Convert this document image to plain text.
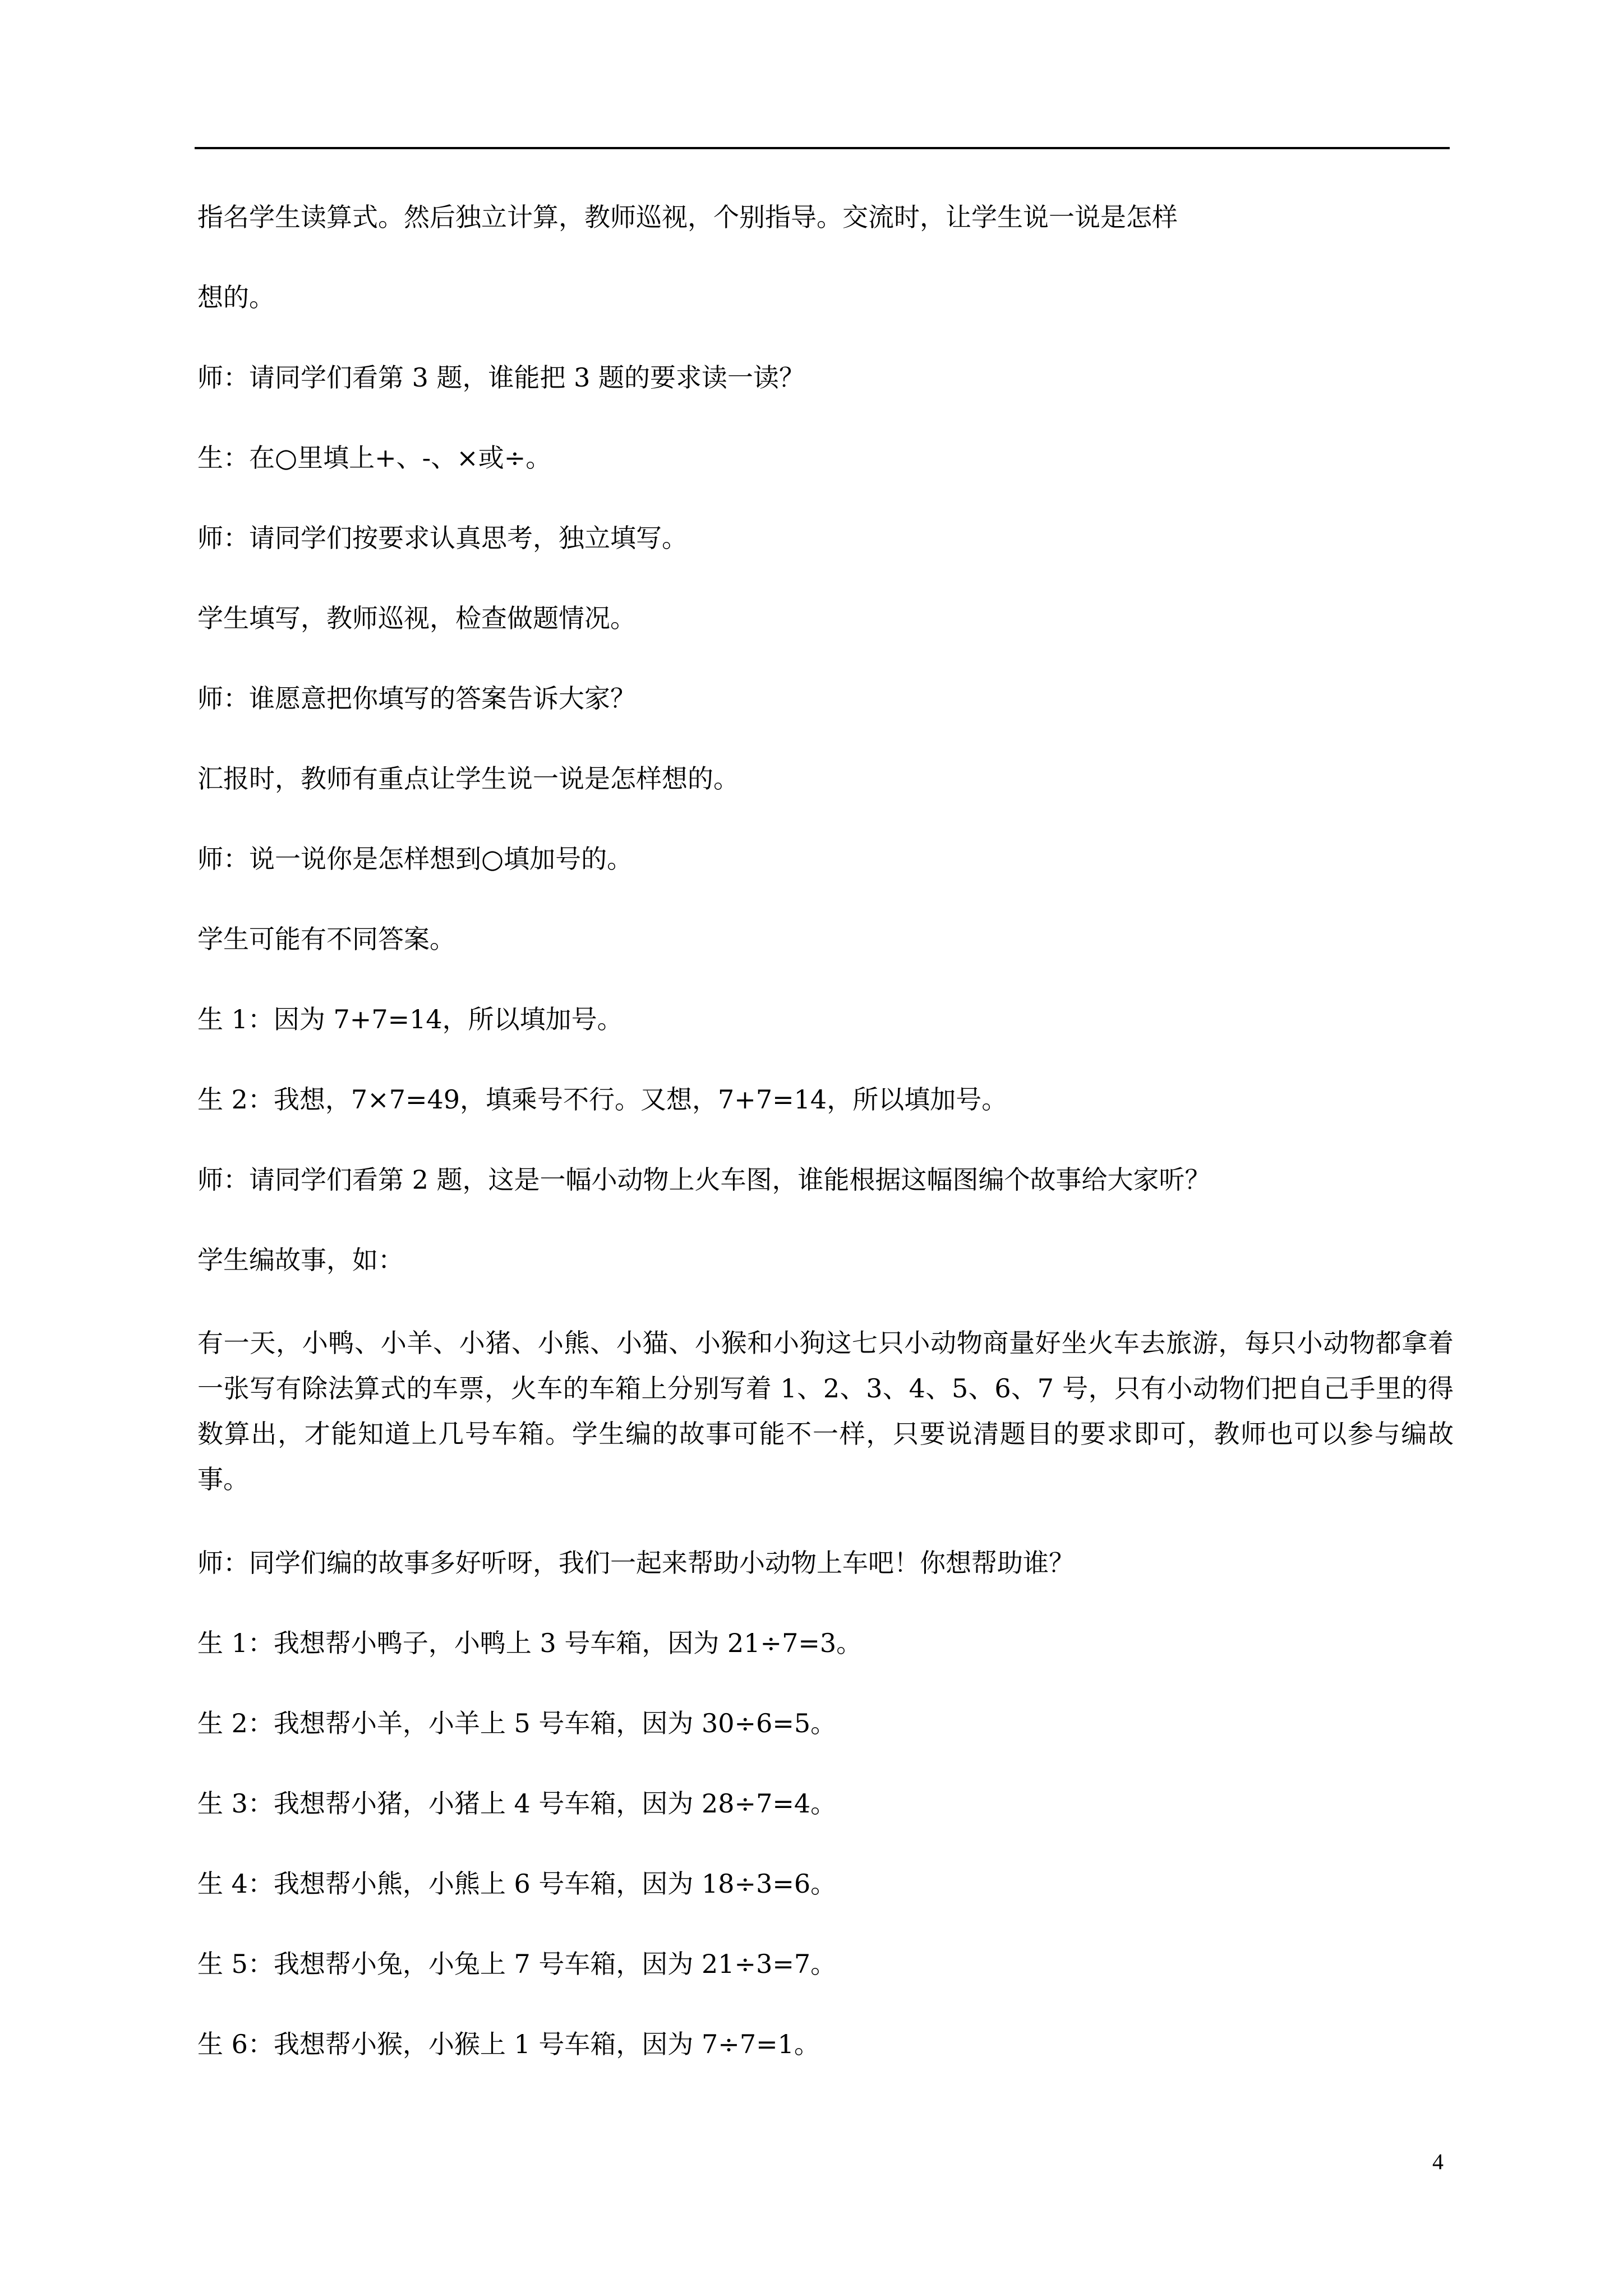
指名学生读算式。然后独立计算，教师巡视，个别指导。交流时，让学生说一说是怎样

想的。

师：请同学们看第 3 题，谁能把 3 题的要求读一读？

生：在○里填上+、-、×或÷。

师：请同学们按要求认真思考，独立填写。

学生填写，教师巡视，检查做题情况。

师：谁愿意把你填写的答案告诉大家？

汇报时，教师有重点让学生说一说是怎样想的。

师：说一说你是怎样想到○填加号的。

学生可能有不同答案。

生 1：因为 7+7=14，所以填加号。

生 2：我想，7×7=49，填乘号不行。又想，7+7=14，所以填加号。

师：请同学们看第 2 题，这是一幅小动物上火车图，谁能根据这幅图编个故事给大家听？

学生编故事，如：

有一天，小鸭、小羊、小猪、小熊、小猫、小猴和小狗这七只小动物商量好坐火车去旅游，每只小动物都拿着一张写有除法算式的车票，火车的车箱上分别写着 1、2、3、4、5、6、7 号，只有小动物们把自己手里的得数算出，才能知道上几号车箱。学生编的故事可能不一样，只要说清题目的要求即可，教师也可以参与编故事。

师：同学们编的故事多好听呀，我们一起来帮助小动物上车吧！你想帮助谁？

生 1：我想帮小鸭子，小鸭上 3 号车箱，因为 21÷7=3。

生 2：我想帮小羊，小羊上 5 号车箱，因为 30÷6=5。

生 3：我想帮小猪，小猪上 4 号车箱，因为 28÷7=4。

生 4：我想帮小熊，小熊上 6 号车箱，因为 18÷3=6。

生 5：我想帮小兔，小兔上 7 号车箱，因为 21÷3=7。

生 6：我想帮小猴，小猴上 1 号车箱，因为 7÷7=1。

4
